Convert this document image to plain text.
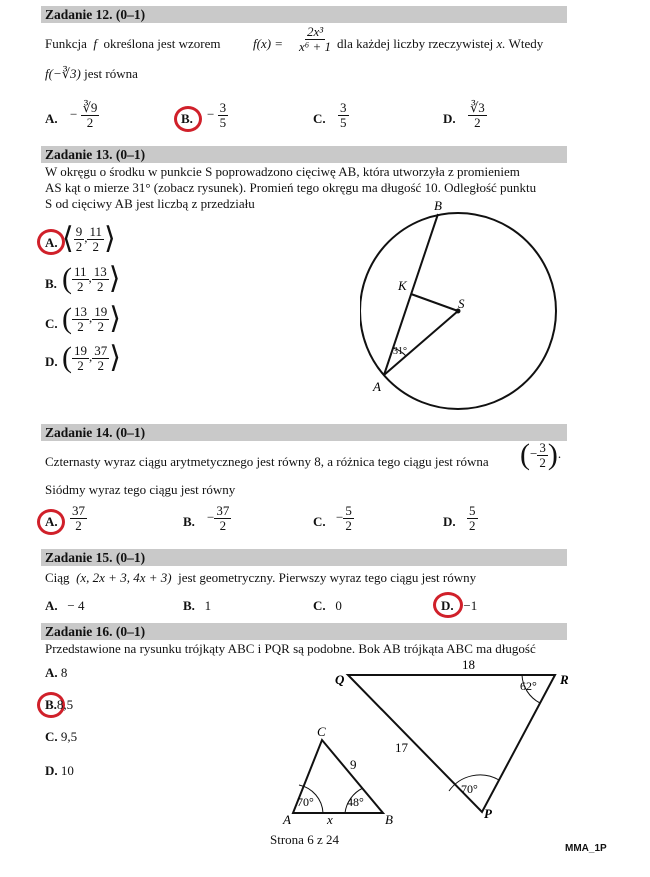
Zadanie 12. (0–1)
Funkcja f określona jest wzorem	$f(x) = \frac{\text{2x³}}{\text{x⁶ + 1}}$ dla każdej liczby rzeczywistej x. Wtedy
f(−∛3) jest równa
A. − $\frac{∛9}{2}$	B. − $\frac{3}{5}$	C. $\frac{3}{5}$	D. $\frac{∛3}{2}$
Zadanie 13. (0–1)
W okręgu o środku w punkcie S poprowadzono cięciwę AB, która utworzyła z promieniem
AS kąt o mierze 31° (zobacz rysunek). Promień tego okręgu ma długość 10. Odległość punktu
S od cięciwy AB jest liczbą z przedziału
A. ⟨ $\frac{9}{2}$ , $\frac{11}{2}$ ⟩
B. ( $\frac{11}{2}$ , $\frac{13}{2}$ ⟩
C. ( $\frac{13}{2}$ , $\frac{19}{2}$ ⟩
D. ( $\frac{19}{2}$ , $\frac{37}{2}$ ⟩
B
K
S
A
31°
Zadanie 14. (0–1)
Czternasty wyraz ciągu arytmetycznego jest równy 8, a różnica tego ciągu jest równa (− $\frac{3}{2}$ ).
Siódmy wyraz tego ciągu jest równy
A. $\frac{37}{2}$	B. − $\frac{37}{2}$	C. − $\frac{5}{2}$	D. $\frac{5}{2}$
Zadanie 15. (0–1)
Ciąg (x, 2x + 3, 4x + 3) jest geometryczny. Pierwszy wyraz tego ciągu jest równy
A. − 4	B. 1	C. 0	D. −1
Zadanie 16. (0–1)
Przedstawione na rysunku trójkąty ABC i PQR są podobne. Bok AB trójkąta ABC ma długość
A. 8
B.8,5
C. 9,5
D. 10
18
17
62°
70°
Q	R
P
C
A	B
9
x
70°	48°
Strona 6 z 24
MMA_1P
